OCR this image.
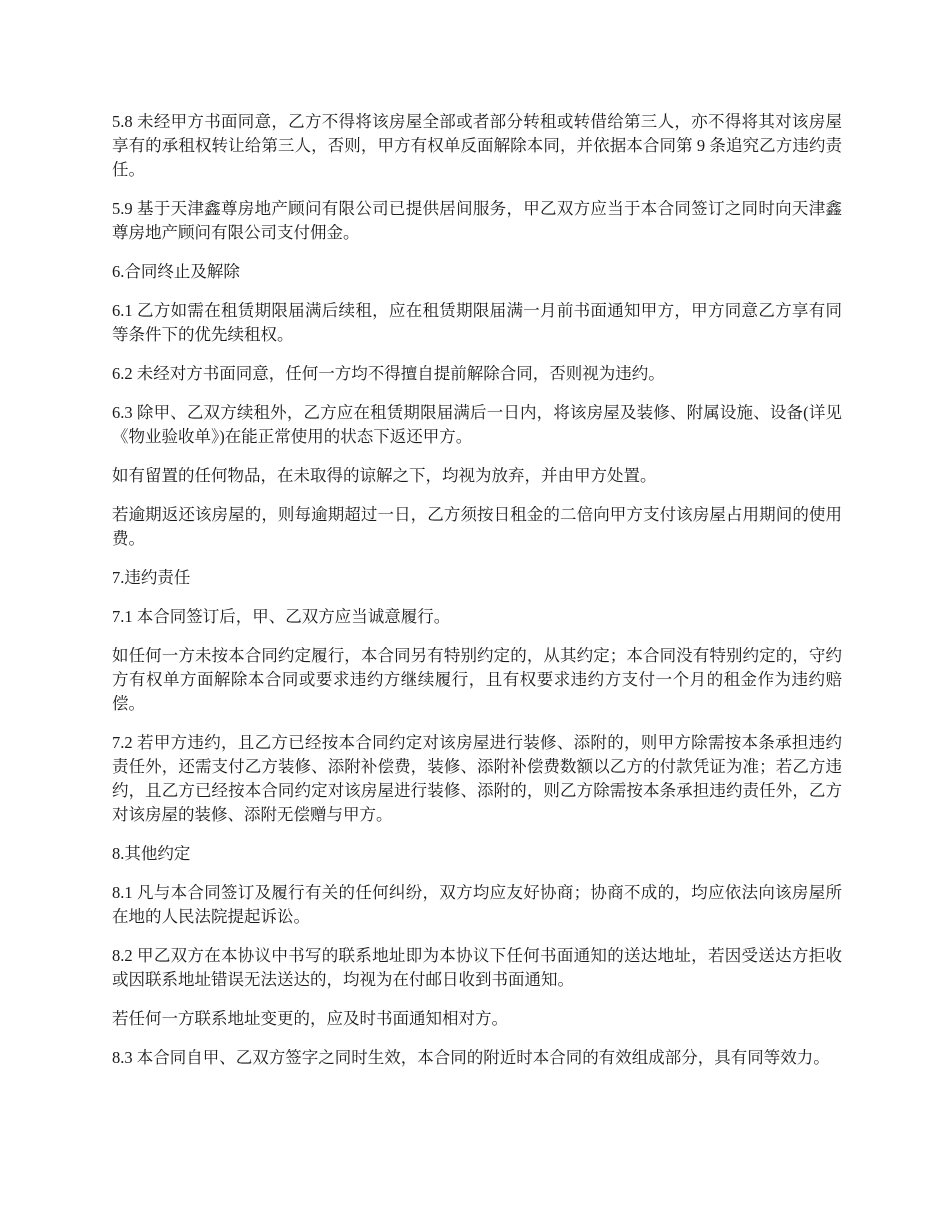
5.8 未经甲方书面同意，乙方不得将该房屋全部或者部分转租或转借给第三人，亦不得将其对该房屋享有的承租权转让给第三人，否则，甲方有权单反面解除本同，并依据本合同第 9 条追究乙方违约责任。

5.9 基于天津鑫尊房地产顾问有限公司已提供居间服务，甲乙双方应当于本合同签订之同时向天津鑫尊房地产顾问有限公司支付佣金。

6.合同终止及解除

6.1 乙方如需在租赁期限届满后续租，应在租赁期限届满一月前书面通知甲方，甲方同意乙方享有同等条件下的优先续租权。

6.2 未经对方书面同意，任何一方均不得擅自提前解除合同，否则视为违约。

6.3 除甲、乙双方续租外，乙方应在租赁期限届满后一日内，将该房屋及装修、附属设施、设备(详见《物业验收单》)在能正常使用的状态下返还甲方。

如有留置的任何物品，在未取得的谅解之下，均视为放弃，并由甲方处置。

若逾期返还该房屋的，则每逾期超过一日，乙方须按日租金的二倍向甲方支付该房屋占用期间的使用费。

7.违约责任

7.1 本合同签订后，甲、乙双方应当诚意履行。

如任何一方未按本合同约定履行，本合同另有特别约定的，从其约定；本合同没有特别约定的，守约方有权单方面解除本合同或要求违约方继续履行，且有权要求违约方支付一个月的租金作为违约赔偿。

7.2 若甲方违约，且乙方已经按本合同约定对该房屋进行装修、添附的，则甲方除需按本条承担违约责任外，还需支付乙方装修、添附补偿费，装修、添附补偿费数额以乙方的付款凭证为准；若乙方违约，且乙方已经按本合同约定对该房屋进行装修、添附的，则乙方除需按本条承担违约责任外，乙方对该房屋的装修、添附无偿赠与甲方。

8.其他约定

8.1 凡与本合同签订及履行有关的任何纠纷，双方均应友好协商；协商不成的，均应依法向该房屋所在地的人民法院提起诉讼。

8.2 甲乙双方在本协议中书写的联系地址即为本协议下任何书面通知的送达地址，若因受送达方拒收或因联系地址错误无法送达的，均视为在付邮日收到书面通知。

若任何一方联系地址变更的，应及时书面通知相对方。

8.3 本合同自甲、乙双方签字之同时生效，本合同的附近时本合同的有效组成部分，具有同等效力。
